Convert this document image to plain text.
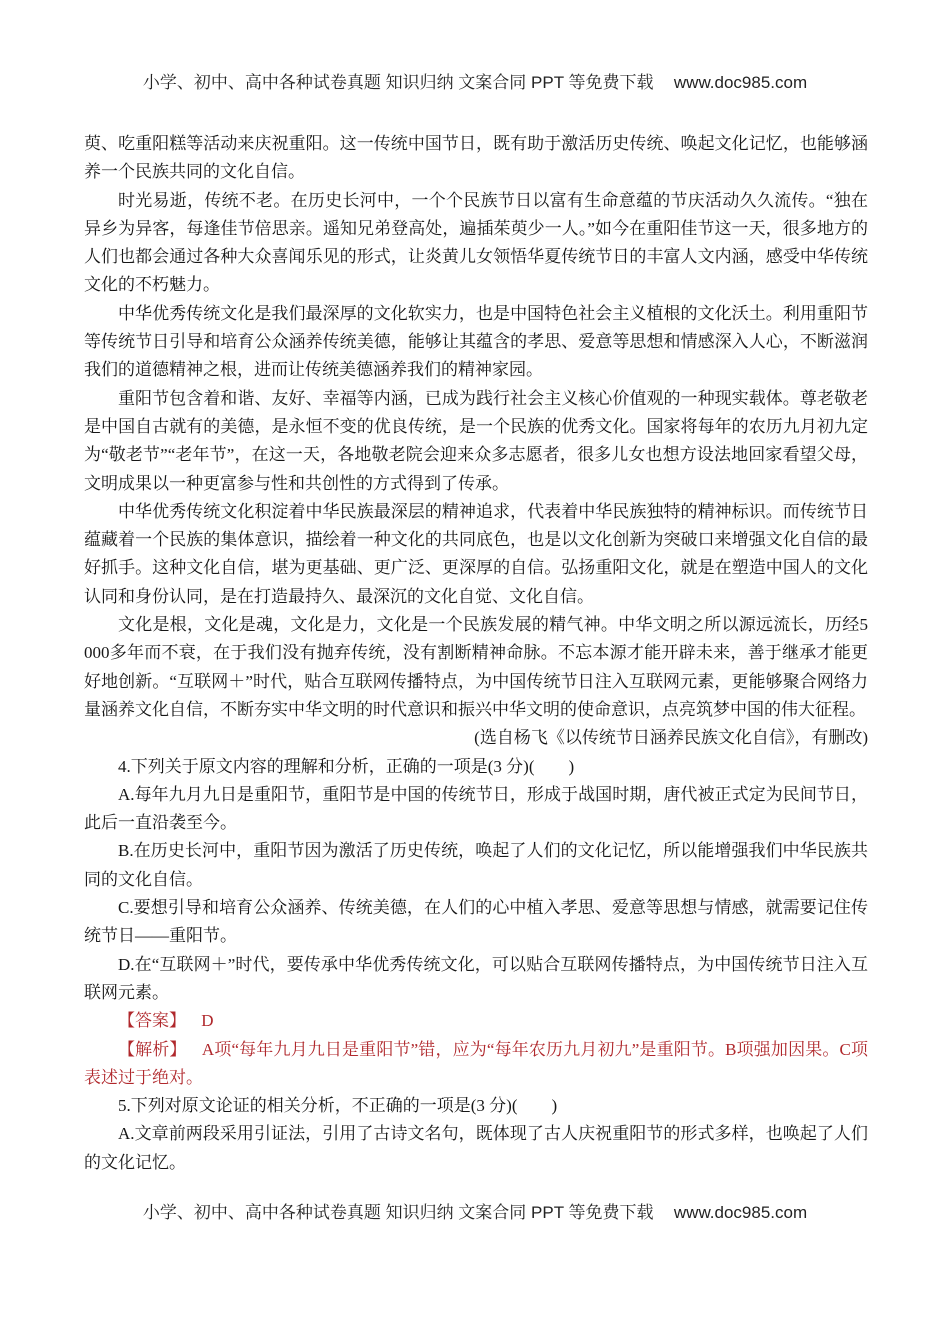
小学、初中、高中各种试卷真题 知识归纳 文案合同 PPT 等免费下载 www.doc985.com

萸、吃重阳糕等活动来庆祝重阳。这一传统中国节日，既有助于激活历史传统、唤起文化记忆，也能够涵养一个民族共同的文化自信。

时光易逝，传统不老。在历史长河中，一个个民族节日以富有生命意蕴的节庆活动久久流传。“独在异乡为异客，每逢佳节倍思亲。遥知兄弟登高处，遍插茱萸少一人。”如今在重阳佳节这一天，很多地方的人们也都会通过各种大众喜闻乐见的形式，让炎黄儿女领悟华夏传统节日的丰富人文内涵，感受中华传统文化的不朽魅力。

中华优秀传统文化是我们最深厚的文化软实力，也是中国特色社会主义植根的文化沃土。利用重阳节等传统节日引导和培育公众涵养传统美德，能够让其蕴含的孝思、爱意等思想和情感深入人心，不断滋润我们的道德精神之根，进而让传统美德涵养我们的精神家园。

重阳节包含着和谐、友好、幸福等内涵，已成为践行社会主义核心价值观的一种现实载体。尊老敬老是中国自古就有的美德，是永恒不变的优良传统，是一个民族的优秀文化。国家将每年的农历九月初九定为“敬老节”“老年节”，在这一天，各地敬老院会迎来众多志愿者，很多儿女也想方设法地回家看望父母，文明成果以一种更富参与性和共创性的方式得到了传承。

中华优秀传统文化积淀着中华民族最深层的精神追求，代表着中华民族独特的精神标识。而传统节日蕴藏着一个民族的集体意识，描绘着一种文化的共同底色，也是以文化创新为突破口来增强文化自信的最好抓手。这种文化自信，堪为更基础、更广泛、更深厚的自信。弘扬重阳文化，就是在塑造中国人的文化认同和身份认同，是在打造最持久、最深沉的文化自觉、文化自信。

文化是根，文化是魂，文化是力，文化是一个民族发展的精气神。中华文明之所以源远流长，历经5 000多年而不衰，在于我们没有抛弃传统，没有割断精神命脉。不忘本源才能开辟未来，善于继承才能更好地创新。“互联网＋”时代，贴合互联网传播特点，为中国传统节日注入互联网元素，更能够聚合网络力量涵养文化自信，不断夯实中华文明的时代意识和振兴中华文明的使命意识，点亮筑梦中国的伟大征程。

(选自杨飞《以传统节日涵养民族文化自信》，有删改)

4.下列关于原文内容的理解和分析，正确的一项是(3 分)(　　)

A.每年九月九日是重阳节，重阳节是中国的传统节日，形成于战国时期，唐代被正式定为民间节日，此后一直沿袭至今。

B.在历史长河中，重阳节因为激活了历史传统，唤起了人们的文化记忆，所以能增强我们中华民族共同的文化自信。

C.要想引导和培育公众涵养、传统美德，在人们的心中植入孝思、爱意等思想与情感，就需要记住传统节日——重阳节。

D.在“互联网＋”时代，要传承中华优秀传统文化，可以贴合互联网传播特点，为中国传统节日注入互联网元素。

【答案】 D

【解析】 A项“每年九月九日是重阳节”错，应为“每年农历九月初九”是重阳节。B项强加因果。C项表述过于绝对。

5.下列对原文论证的相关分析，不正确的一项是(3 分)(　　)

A.文章前两段采用引证法，引用了古诗文名句，既体现了古人庆祝重阳节的形式多样，也唤起了人们的文化记忆。

小学、初中、高中各种试卷真题 知识归纳 文案合同 PPT 等免费下载 www.doc985.com
